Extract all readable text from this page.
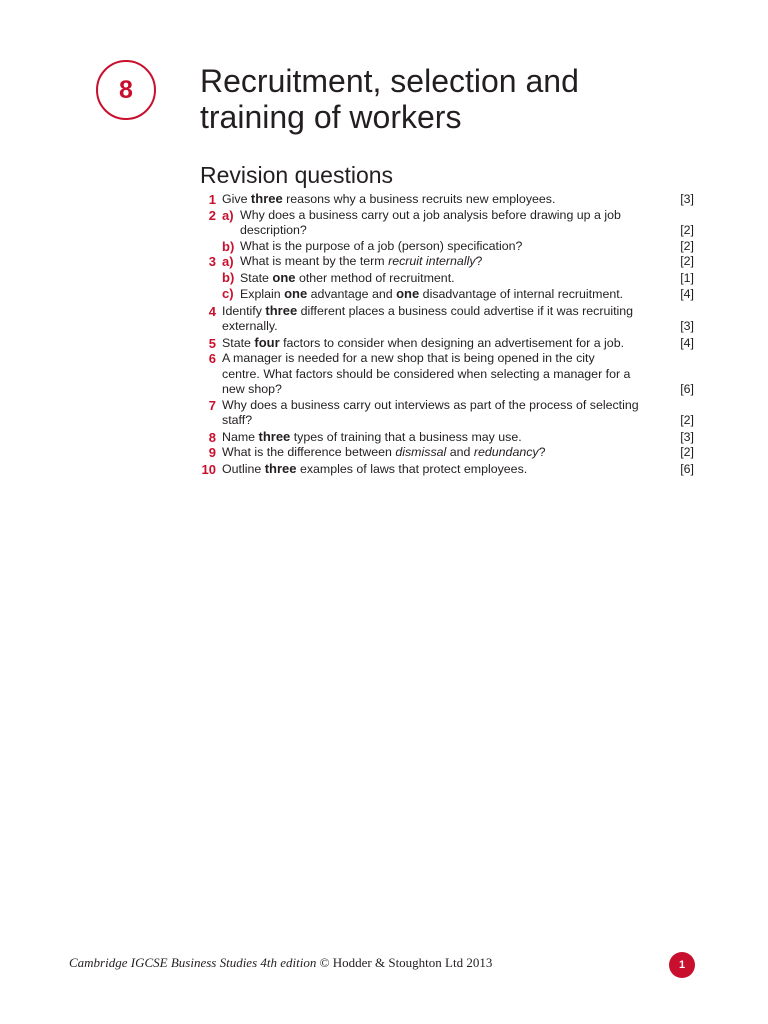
8 Recruitment, selection and
training of workers
Revision questions
1 Give three reasons why a business recruits new employees.	[3]
2 a) Why does a business carry out a job analysis before drawing up a job
description?	[2]
b) What is the purpose of a job (person) specification?	[2]
3 a) What is meant by the term recruit internally?	[2]
b) State one other method of recruitment.	[1]
c) Explain one advantage and one disadvantage of internal recruitment.	[4]
4 Identify three different places a business could advertise if it was recruiting
externally.	[3]
5 State four factors to consider when designing an advertisement for a job.	[4]
6 A manager is needed for a new shop that is being opened in the city
centre. What factors should be considered when selecting a manager for a
new shop?	[6]
7 Why does a business carry out interviews as part of the process of selecting
staff?	[2]
8 Name three types of training that a business may use.	[3]
9 What is the difference between dismissal and redundancy?	[2]
10 Outline three examples of laws that protect employees.	[6]
Cambridge IGCSE Business Studies 4th edition © Hodder & Stoughton Ltd 2013	1
